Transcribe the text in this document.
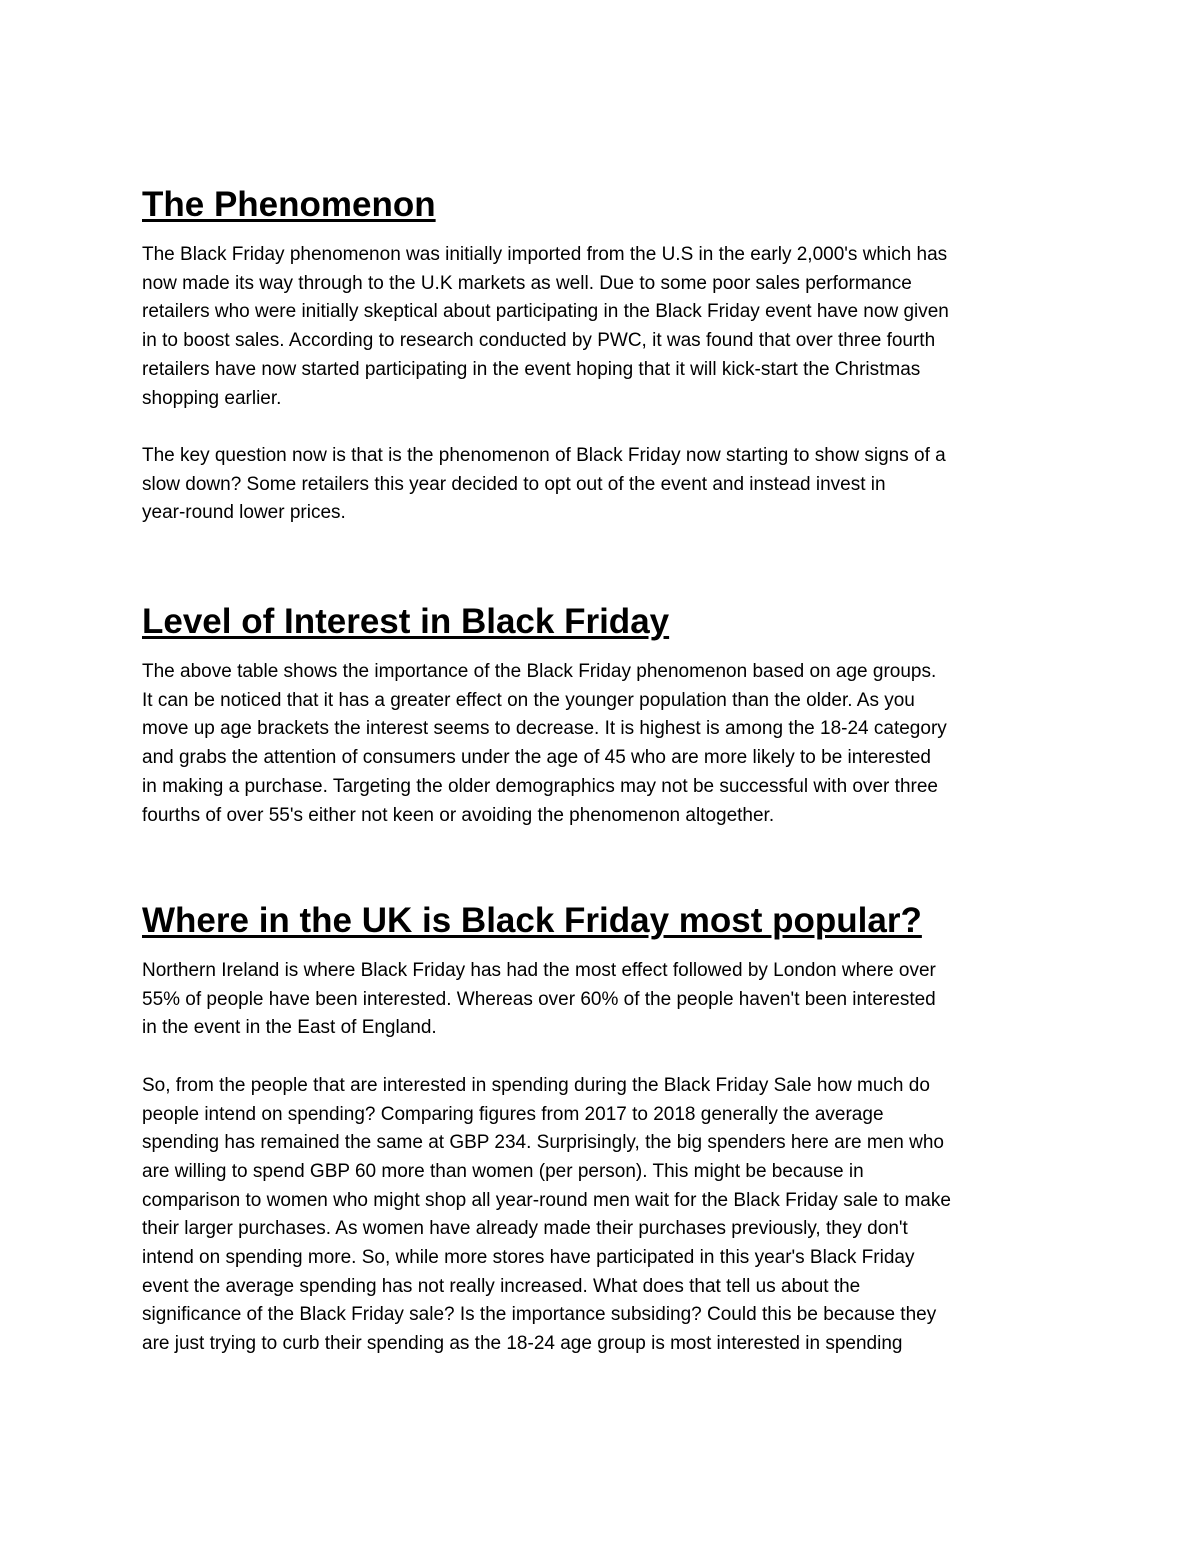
The Phenomenon

The Black Friday phenomenon was initially imported from the U.S in the early 2,000's which has
now made its way through to the U.K markets as well. Due to some poor sales performance
retailers who were initially skeptical about participating in the Black Friday event have now given
in to boost sales. According to research conducted by PWC, it was found that over three fourth
retailers have now started participating in the event hoping that it will kick-start the Christmas
shopping earlier.

The key question now is that is the phenomenon of Black Friday now starting to show signs of a
slow down? Some retailers this year decided to opt out of the event and instead invest in
year-round lower prices.

Level of Interest in Black Friday

The above table shows the importance of the Black Friday phenomenon based on age groups.
It can be noticed that it has a greater effect on the younger population than the older. As you
move up age brackets the interest seems to decrease. It is highest is among the 18-24 category
and grabs the attention of consumers under the age of 45 who are more likely to be interested
in making a purchase. Targeting the older demographics may not be successful with over three
fourths of over 55's either not keen or avoiding the phenomenon altogether.

Where in the UK is Black Friday most popular?

Northern Ireland is where Black Friday has had the most effect followed by London where over
55% of people have been interested. Whereas over 60% of the people haven't been interested
in the event in the East of England.

So, from the people that are interested in spending during the Black Friday Sale how much do
people intend on spending? Comparing figures from 2017 to 2018 generally the average
spending has remained the same at GBP 234. Surprisingly, the big spenders here are men who
are willing to spend GBP 60 more than women (per person). This might be because in
comparison to women who might shop all year-round men wait for the Black Friday sale to make
their larger purchases. As women have already made their purchases previously, they don't
intend on spending more. So, while more stores have participated in this year's Black Friday
event the average spending has not really increased. What does that tell us about the
significance of the Black Friday sale? Is the importance subsiding? Could this be because they
are just trying to curb their spending as the 18-24 age group is most interested in spending
